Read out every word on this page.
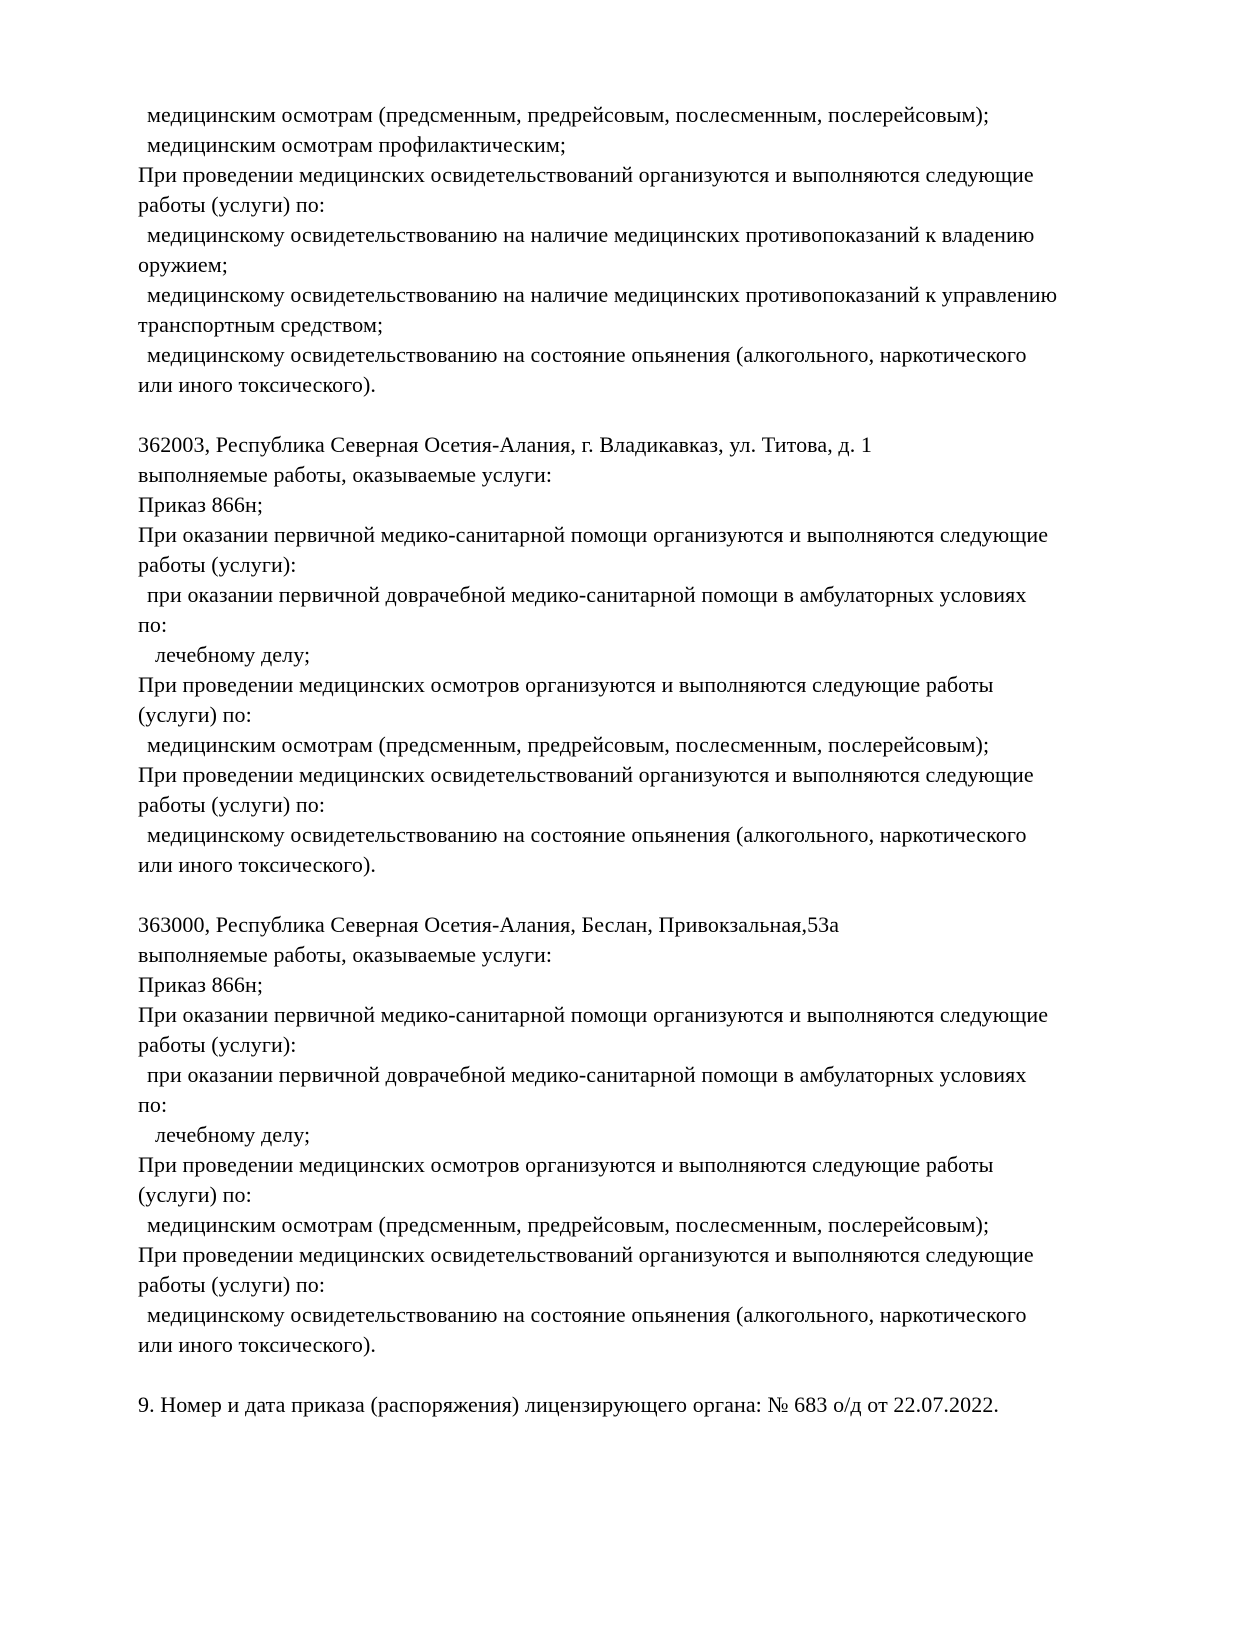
медицинским осмотрам (предсменным, предрейсовым, послесменным, послерейсовым);
медицинским осмотрам профилактическим;
При проведении медицинских освидетельствований организуются и выполняются следующие
работы (услуги) по:
медицинскому освидетельствованию на наличие медицинских противопоказаний к владению
оружием;
медицинскому освидетельствованию на наличие медицинских противопоказаний к управлению
транспортным средством;
медицинскому освидетельствованию на состояние опьянения (алкогольного, наркотического
или иного токсического).
362003, Республика Северная Осетия-Алания, г. Владикавказ, ул. Титова, д. 1
выполняемые работы, оказываемые услуги:
Приказ 866н;
При оказании первичной медико-санитарной помощи организуются и выполняются следующие
работы (услуги):
при оказании первичной доврачебной медико-санитарной помощи в амбулаторных условиях
по:
лечебному делу;
При проведении медицинских осмотров организуются и выполняются следующие работы
(услуги) по:
медицинским осмотрам (предсменным, предрейсовым, послесменным, послерейсовым);
При проведении медицинских освидетельствований организуются и выполняются следующие
работы (услуги) по:
медицинскому освидетельствованию на состояние опьянения (алкогольного, наркотического
или иного токсического).
363000, Республика Северная Осетия-Алания, Беслан, Привокзальная,53а
выполняемые работы, оказываемые услуги:
Приказ 866н;
При оказании первичной медико-санитарной помощи организуются и выполняются следующие
работы (услуги):
при оказании первичной доврачебной медико-санитарной помощи в амбулаторных условиях
по:
лечебному делу;
При проведении медицинских осмотров организуются и выполняются следующие работы
(услуги) по:
медицинским осмотрам (предсменным, предрейсовым, послесменным, послерейсовым);
При проведении медицинских освидетельствований организуются и выполняются следующие
работы (услуги) по:
медицинскому освидетельствованию на состояние опьянения (алкогольного, наркотического
или иного токсического).
9. Номер и дата приказа (распоряжения) лицензирующего органа: № 683 о/д от 22.07.2022.
